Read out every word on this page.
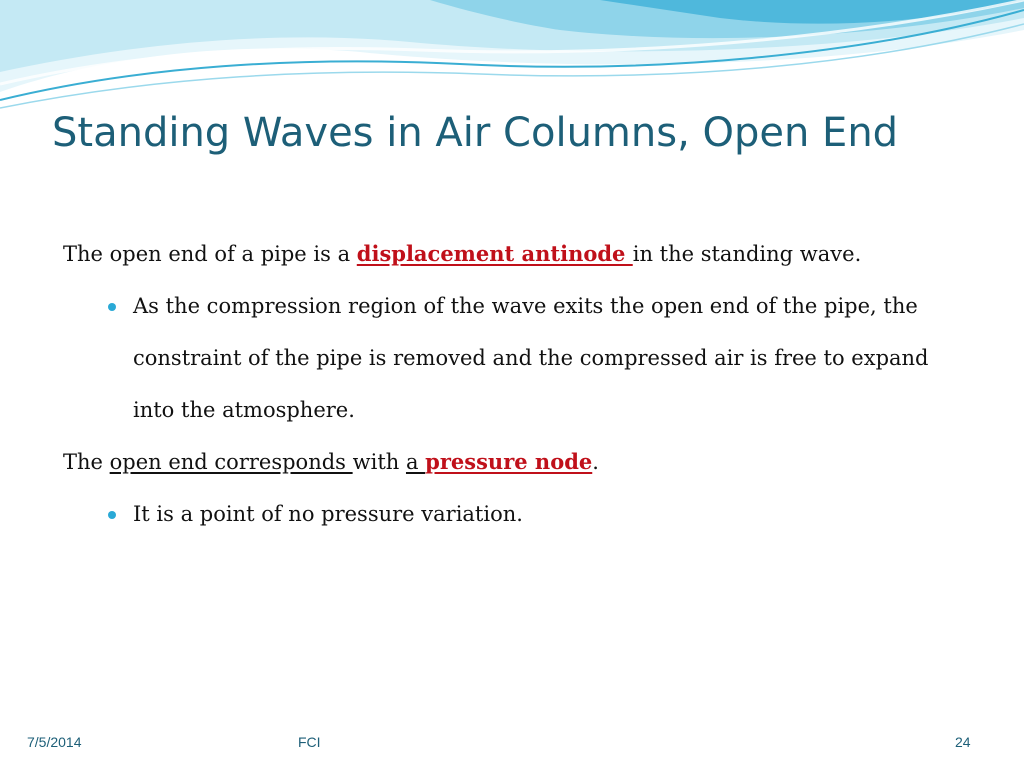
Standing Waves in Air Columns, Open End

The open end of a pipe is a displacement antinode in the standing wave.

As the compression region of the wave exits the open end of the pipe, the constraint of the pipe is removed and the compressed air is free to expand into the atmosphere.

The open end corresponds with a pressure node.

It is a point of no pressure variation.

7/5/2014	FCI	24
